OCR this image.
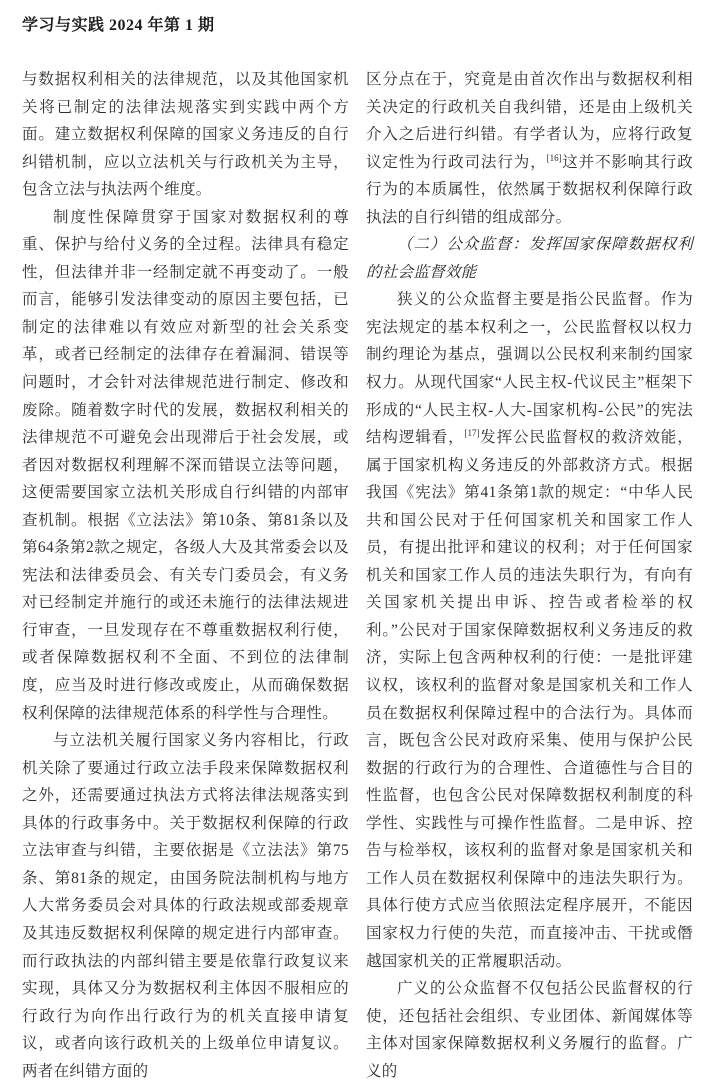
学习与实践 2024 年第 1 期

与数据权利相关的法律规范，以及其他国家机关将已制定的法律法规落实到实践中两个方面。建立数据权利保障的国家义务违反的自行纠错机制，应以立法机关与行政机关为主导，包含立法与执法两个维度。

制度性保障贯穿于国家对数据权利的尊重、保护与给付义务的全过程。法律具有稳定性，但法律并非一经制定就不再变动了。一般而言，能够引发法律变动的原因主要包括，已制定的法律难以有效应对新型的社会关系变革，或者已经制定的法律存在着漏洞、错误等问题时，才会针对法律规范进行制定、修改和废除。随着数字时代的发展，数据权利相关的法律规范不可避免会出现滞后于社会发展，或者因对数据权利理解不深而错误立法等问题，这便需要国家立法机关形成自行纠错的内部审查机制。根据《立法法》第10条、第81条以及第64条第2款之规定，各级人大及其常委会以及宪法和法律委员会、有关专门委员会，有义务对已经制定并施行的或还未施行的法律法规进行审查，一旦发现存在不尊重数据权利行使，或者保障数据权利不全面、不到位的法律制度，应当及时进行修改或废止，从而确保数据权利保障的法律规范体系的科学性与合理性。

与立法机关履行国家义务内容相比，行政机关除了要通过行政立法手段来保障数据权利之外，还需要通过执法方式将法律法规落实到具体的行政事务中。关于数据权利保障的行政立法审查与纠错，主要依据是《立法法》第75条、第81条的规定，由国务院法制机构与地方人大常务委员会对具体的行政法规或部委规章及其违反数据权利保障的规定进行内部审查。而行政执法的内部纠错主要是依靠行政复议来实现，具体又分为数据权利主体因不服相应的行政行为向作出行政行为的机关直接申请复议，或者向该行政机关的上级单位申请复议。两者在纠错方面的

区分点在于，究竟是由首次作出与数据权利相关决定的行政机关自我纠错，还是由上级机关介入之后进行纠错。有学者认为，应将行政复议定性为行政司法行为，[16]这并不影响其行政行为的本质属性，依然属于数据权利保障行政执法的自行纠错的组成部分。

（二）公众监督：发挥国家保障数据权利的社会监督效能

狭义的公众监督主要是指公民监督。作为宪法规定的基本权利之一，公民监督权以权力制约理论为基点，强调以公民权利来制约国家权力。从现代国家“人民主权-代议民主”框架下形成的“人民主权-人大-国家机构-公民”的宪法结构逻辑看，[17]发挥公民监督权的救济效能，属于国家机构义务违反的外部救济方式。根据我国《宪法》第41条第1款的规定：“中华人民共和国公民对于任何国家机关和国家工作人员，有提出批评和建议的权利；对于任何国家机关和国家工作人员的违法失职行为，有向有关国家机关提出申诉、控告或者检举的权利。”公民对于国家保障数据权利义务违反的救济，实际上包含两种权利的行使：一是批评建议权，该权利的监督对象是国家机关和工作人员在数据权利保障过程中的合法行为。具体而言，既包含公民对政府采集、使用与保护公民数据的行政行为的合理性、合道德性与合目的性监督，也包含公民对保障数据权利制度的科学性、实践性与可操作性监督。二是申诉、控告与检举权，该权利的监督对象是国家机关和工作人员在数据权利保障中的违法失职行为。具体行使方式应当依照法定程序展开，不能因国家权力行使的失范，而直接冲击、干扰或僭越国家机关的正常履职活动。

广义的公众监督不仅包括公民监督权的行使，还包括社会组织、专业团体、新闻媒体等主体对国家保障数据权利义务履行的监督。广义的
